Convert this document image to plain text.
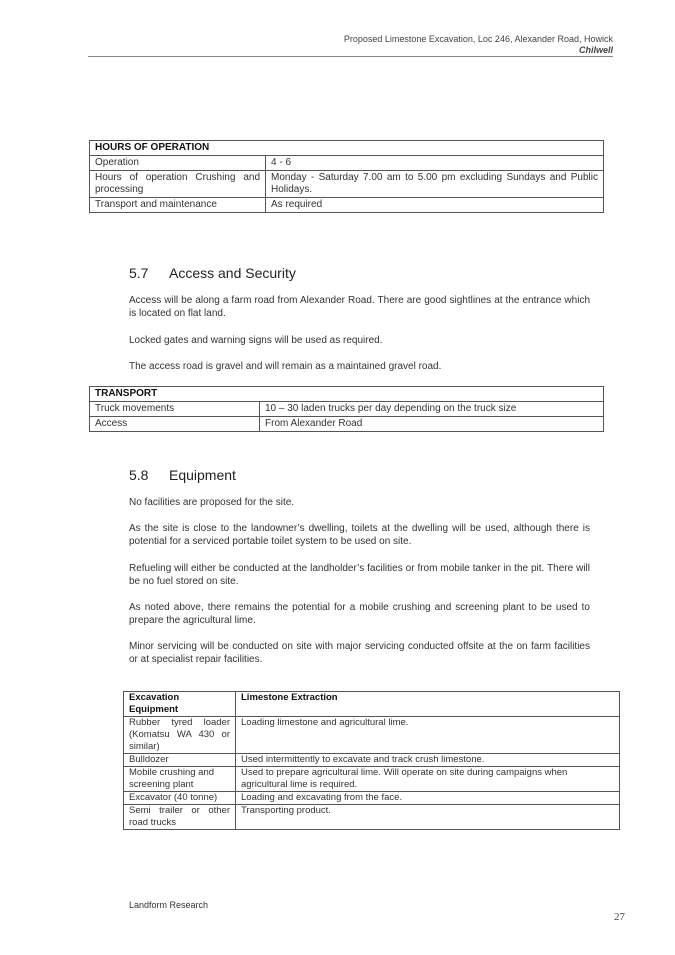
Proposed Limestone Excavation, Loc 246, Alexander Road, Howick
Chilwell
HOURS OF OPERATION	
Operation	4 - 6
Hours of operation Crushing and processing	Monday - Saturday 7.00 am to 5.00 pm excluding Sundays and Public Holidays.
Transport and maintenance	As required
5.7 Access and Security

Access will be along a farm road from Alexander Road. There are good sightlines at the entrance which is located on flat land.

Locked gates and warning signs will be used as required.

The access road is gravel and will remain as a maintained gravel road.

TRANSPORT	
Truck movements	10 – 30 laden trucks per day depending on the truck size
Access	From Alexander Road
5.8 Equipment

No facilities are proposed for the site.

As the site is close to the landowner’s dwelling, toilets at the dwelling will be used, although there is potential for a serviced portable toilet system to be used on site.

Refueling will either be conducted at the landholder’s facilities or from mobile tanker in the pit. There will be no fuel stored on site.

As noted above, there remains the potential for a mobile crushing and screening plant to be used to prepare the agricultural lime.

Minor servicing will be conducted on site with major servicing conducted offsite at the on farm facilities or at specialist repair facilities.

Excavation Equipment	Limestone Extraction
Rubber tyred loader (Komatsu WA 430 or similar)	Loading limestone and agricultural lime.
Bulldozer	Used intermittently to excavate and track crush limestone.
Mobile crushing and screening plant	Used to prepare agricultural lime. Will operate on site during campaigns when agricultural lime is required.
Excavator (40 tonne)	Loading and excavating from the face.
Semi trailer or other road trucks	Transporting product.
Landform Research
27
